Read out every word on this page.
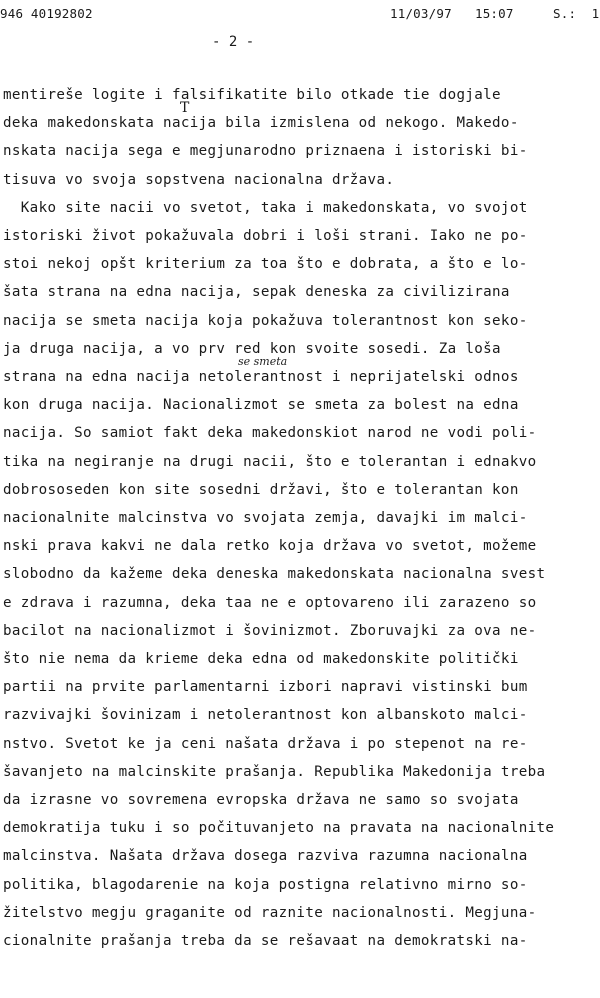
946 40192802	11/03/97   15:07	S.:  1
- 2 -
mentireše logite i falsifikatite bilo otkade tie dogjale
deka makedonskata nacija bila izmislena od nekogo. Makedo-
nskata nacija sega e megjunarodno priznaena i istoriski bi-
tisuva vo svoja sopstvena nacionalna država.
Kako site nacii vo svetot, taka i makedonskata, vo svojot
istoriski život pokažuvala dobri i loši strani. Iako ne po-
stoi nekoj opšt kriterium za toa što e dobrata, a što e lo-
šata strana na edna nacija, sepak deneska za civilizirana
nacija se smeta nacija koja pokažuva tolerantnost kon seko-
ja druga nacija, a vo prv red kon svoite sosedi. Za loša
strana na edna nacija netolerantnost i neprijatelski odnos
kon druga nacija. Nacionalizmot se smeta za bolest na edna
nacija. So samiot fakt deka makedonskiot narod ne vodi poli-
tika na negiranje na drugi nacii, što e tolerantan i ednakvo
dobrososeden kon site sosedni državi, što e tolerantan kon
nacionalnite malcinstva vo svojata zemja, davajki im malci-
nski prava kakvi ne dala retko koja država vo svetot, možeme
slobodno da kažeme deka deneska makedonskata nacionalna svest
e zdrava i razumna, deka taa ne e optovareno ili zarazeno so
bacilot na nacionalizmot i šovinizmot. Zboruvajki za ova ne-
što nie nema da krieme deka edna od makedonskite politički
partii na prvite parlamentarni izbori napravi vistinski bum
razvivajki šovinizam i netolerantnost kon albanskoto malci-
nstvo. Svetot ke ja ceni našata država i po stepenot na re-
šavanjeto na malcinskite prašanja. Republika Makedonija treba
da izrasne vo sovremena evropska država ne samo so svojata
demokratija tuku i so počituvanjeto na pravata na nacionalnite
malcinstva. Našata država dosega razviva razumna nacionalna
politika, blagodarenie na koja postigna relativno mirno so-
žitelstvo megju graganite od raznite nacionalnosti. Megjuna-
cionalnite prašanja treba da se rešavaat na demokratski na-
se smeta
T
